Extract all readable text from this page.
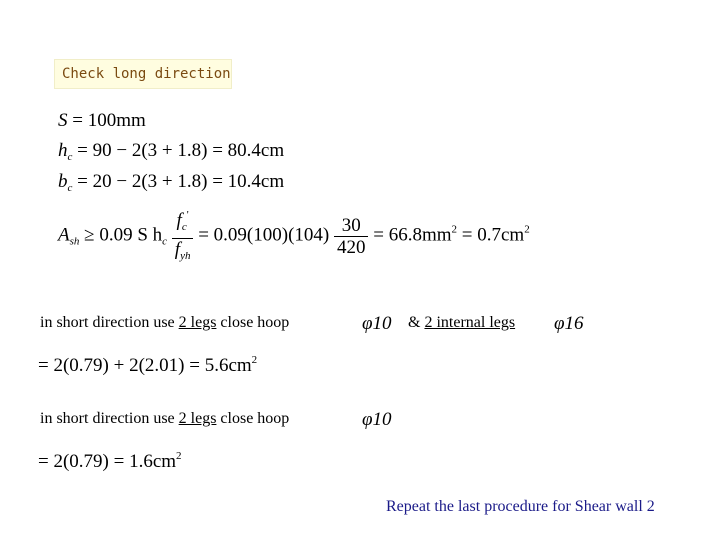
Check long direction
S = 100mm
$h_c = 90 - 2(3 + 1.8) = 80.4cm$
$b_c = 20 - 2(3 + 1.8) = 10.4cm$
$A_{sh} \ge 0.09$ S $h_c \frac{f_c'}{f_{yh}} = 0.09(100)(104) \frac{30}{420} = 66.8mm^2 = 0.7cm^2$
in short direction use 2 legs close hoop	φ10 & 2 internal legs φ16
= $2(0.79) + 2(2.01) = 5.6cm^2$
in short direction use 2 legs close hoop	φ10
= $2(0.79) = 1.6cm^2$
Repeat the last procedure for Shear wall 2
